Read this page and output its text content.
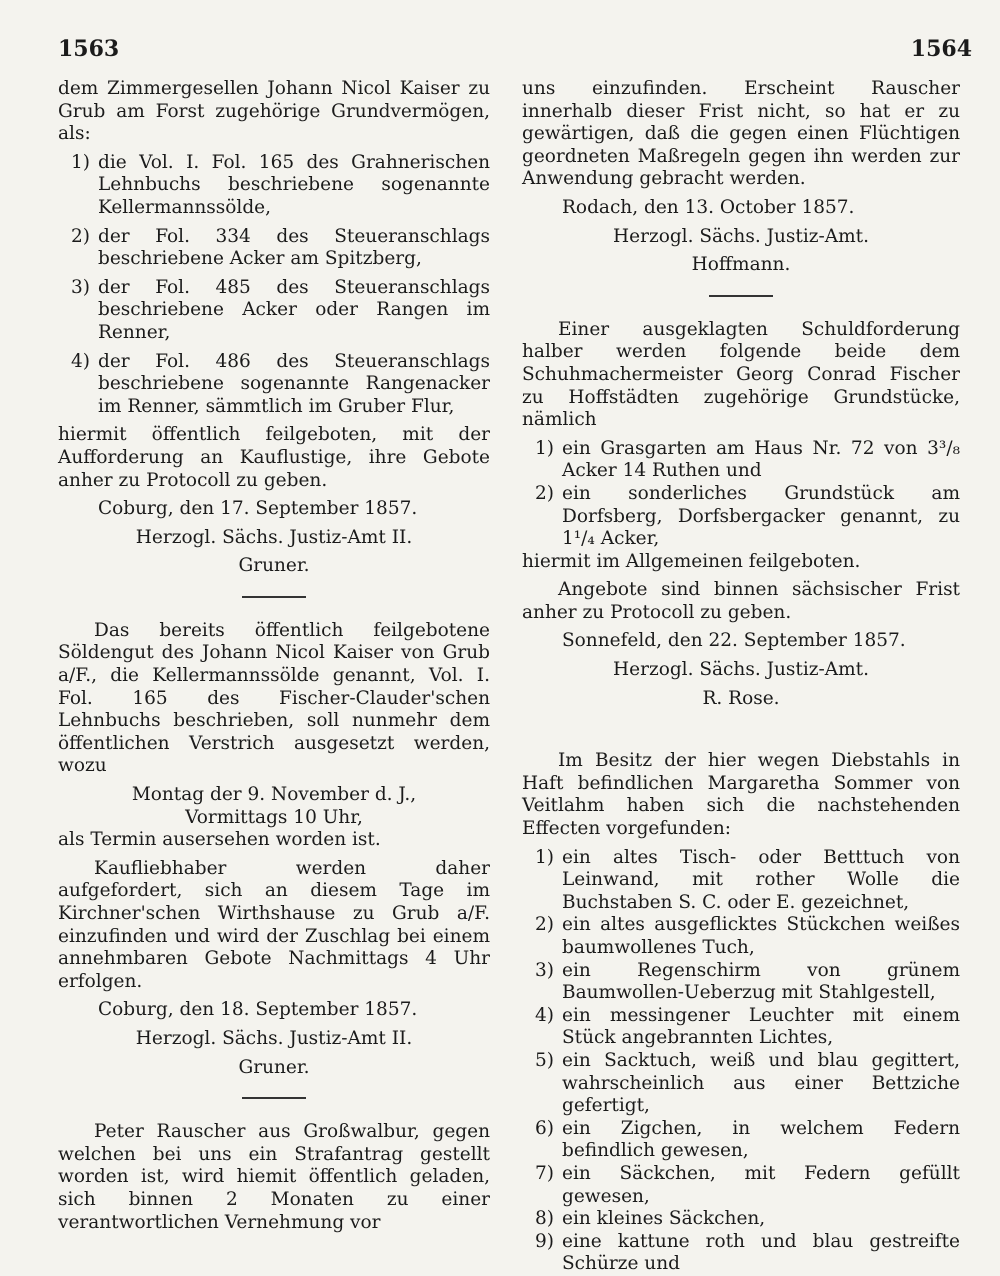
1563	1564

dem Zimmergesellen Johann Nicol Kaiser zu Grub am Forst zugehörige Grundvermögen, als:

1) die Vol. I. Fol. 165 des Grahnerischen Lehnbuchs beschriebene sogenannte Kellermannssölde,
2) der Fol. 334 des Steueranschlags beschriebene Acker am Spitzberg,
3) der Fol. 485 des Steueranschlags beschriebene Acker oder Rangen im Renner,
4) der Fol. 486 des Steueranschlags beschriebene sogenannte Rangenacker im Renner, sämmtlich im Gruber Flur,

hiermit öffentlich feilgeboten, mit der Aufforderung an Kauflustige, ihre Gebote anher zu Protocoll zu geben.

Coburg, den 17. September 1857.

Herzogl. Sächs. Justiz-Amt II.

Gruner.

Das bereits öffentlich feilgebotene Söldengut des Johann Nicol Kaiser von Grub a/F., die Kellermannssölde genannt, Vol. I. Fol. 165 des Fischer-Clauder'schen Lehnbuchs beschrieben, soll nunmehr dem öffentlichen Verstrich ausgesetzt werden, wozu

Montag der 9. November d. J.,

Vormittags 10 Uhr,

als Termin ausersehen worden ist.

Kaufliebhaber werden daher aufgefordert, sich an diesem Tage im Kirchner'schen Wirthshause zu Grub a/F. einzufinden und wird der Zuschlag bei einem annehmbaren Gebote Nachmittags 4 Uhr erfolgen.

Coburg, den 18. September 1857.

Herzogl. Sächs. Justiz-Amt II.

Gruner.

Peter Rauscher aus Großwalbur, gegen welchen bei uns ein Strafantrag gestellt worden ist, wird hiemit öffentlich geladen, sich binnen 2 Monaten zu einer verantwortlichen Vernehmung vor

uns einzufinden. Erscheint Rauscher innerhalb dieser Frist nicht, so hat er zu gewärtigen, daß die gegen einen Flüchtigen geordneten Maßregeln gegen ihn werden zur Anwendung gebracht werden.

Rodach, den 13. October 1857.

Herzogl. Sächs. Justiz-Amt.

Hoffmann.

Einer ausgeklagten Schuldforderung halber werden folgende beide dem Schuhmachermeister Georg Conrad Fischer zu Hoffstädten zugehörige Grundstücke, nämlich

1) ein Grasgarten am Haus Nr. 72 von 3³/₈ Acker 14 Ruthen und
2) ein sonderliches Grundstück am Dorfsberg, Dorfsbergacker genannt, zu 1¹/₄ Acker,

hiermit im Allgemeinen feilgeboten.

Angebote sind binnen sächsischer Frist anher zu Protocoll zu geben.

Sonnefeld, den 22. September 1857.

Herzogl. Sächs. Justiz-Amt.

R. Rose.

Im Besitz der hier wegen Diebstahls in Haft befindlichen Margaretha Sommer von Veitlahm haben sich die nachstehenden Effecten vorgefunden:

1) ein altes Tisch- oder Betttuch von Leinwand, mit rother Wolle die Buchstaben S. C. oder E. gezeichnet,
2) ein altes ausgeflicktes Stückchen weißes baumwollenes Tuch,
3) ein Regenschirm von grünem Baumwollen-Ueberzug mit Stahlgestell,
4) ein messingener Leuchter mit einem Stück angebrannten Lichtes,
5) ein Sacktuch, weiß und blau gegittert, wahrscheinlich aus einer Bettziche gefertigt,
6) ein Zigchen, in welchem Federn befindlich gewesen,
7) ein Säckchen, mit Federn gefüllt gewesen,
8) ein kleines Säckchen,
9) eine kattune roth und blau gestreifte Schürze und
